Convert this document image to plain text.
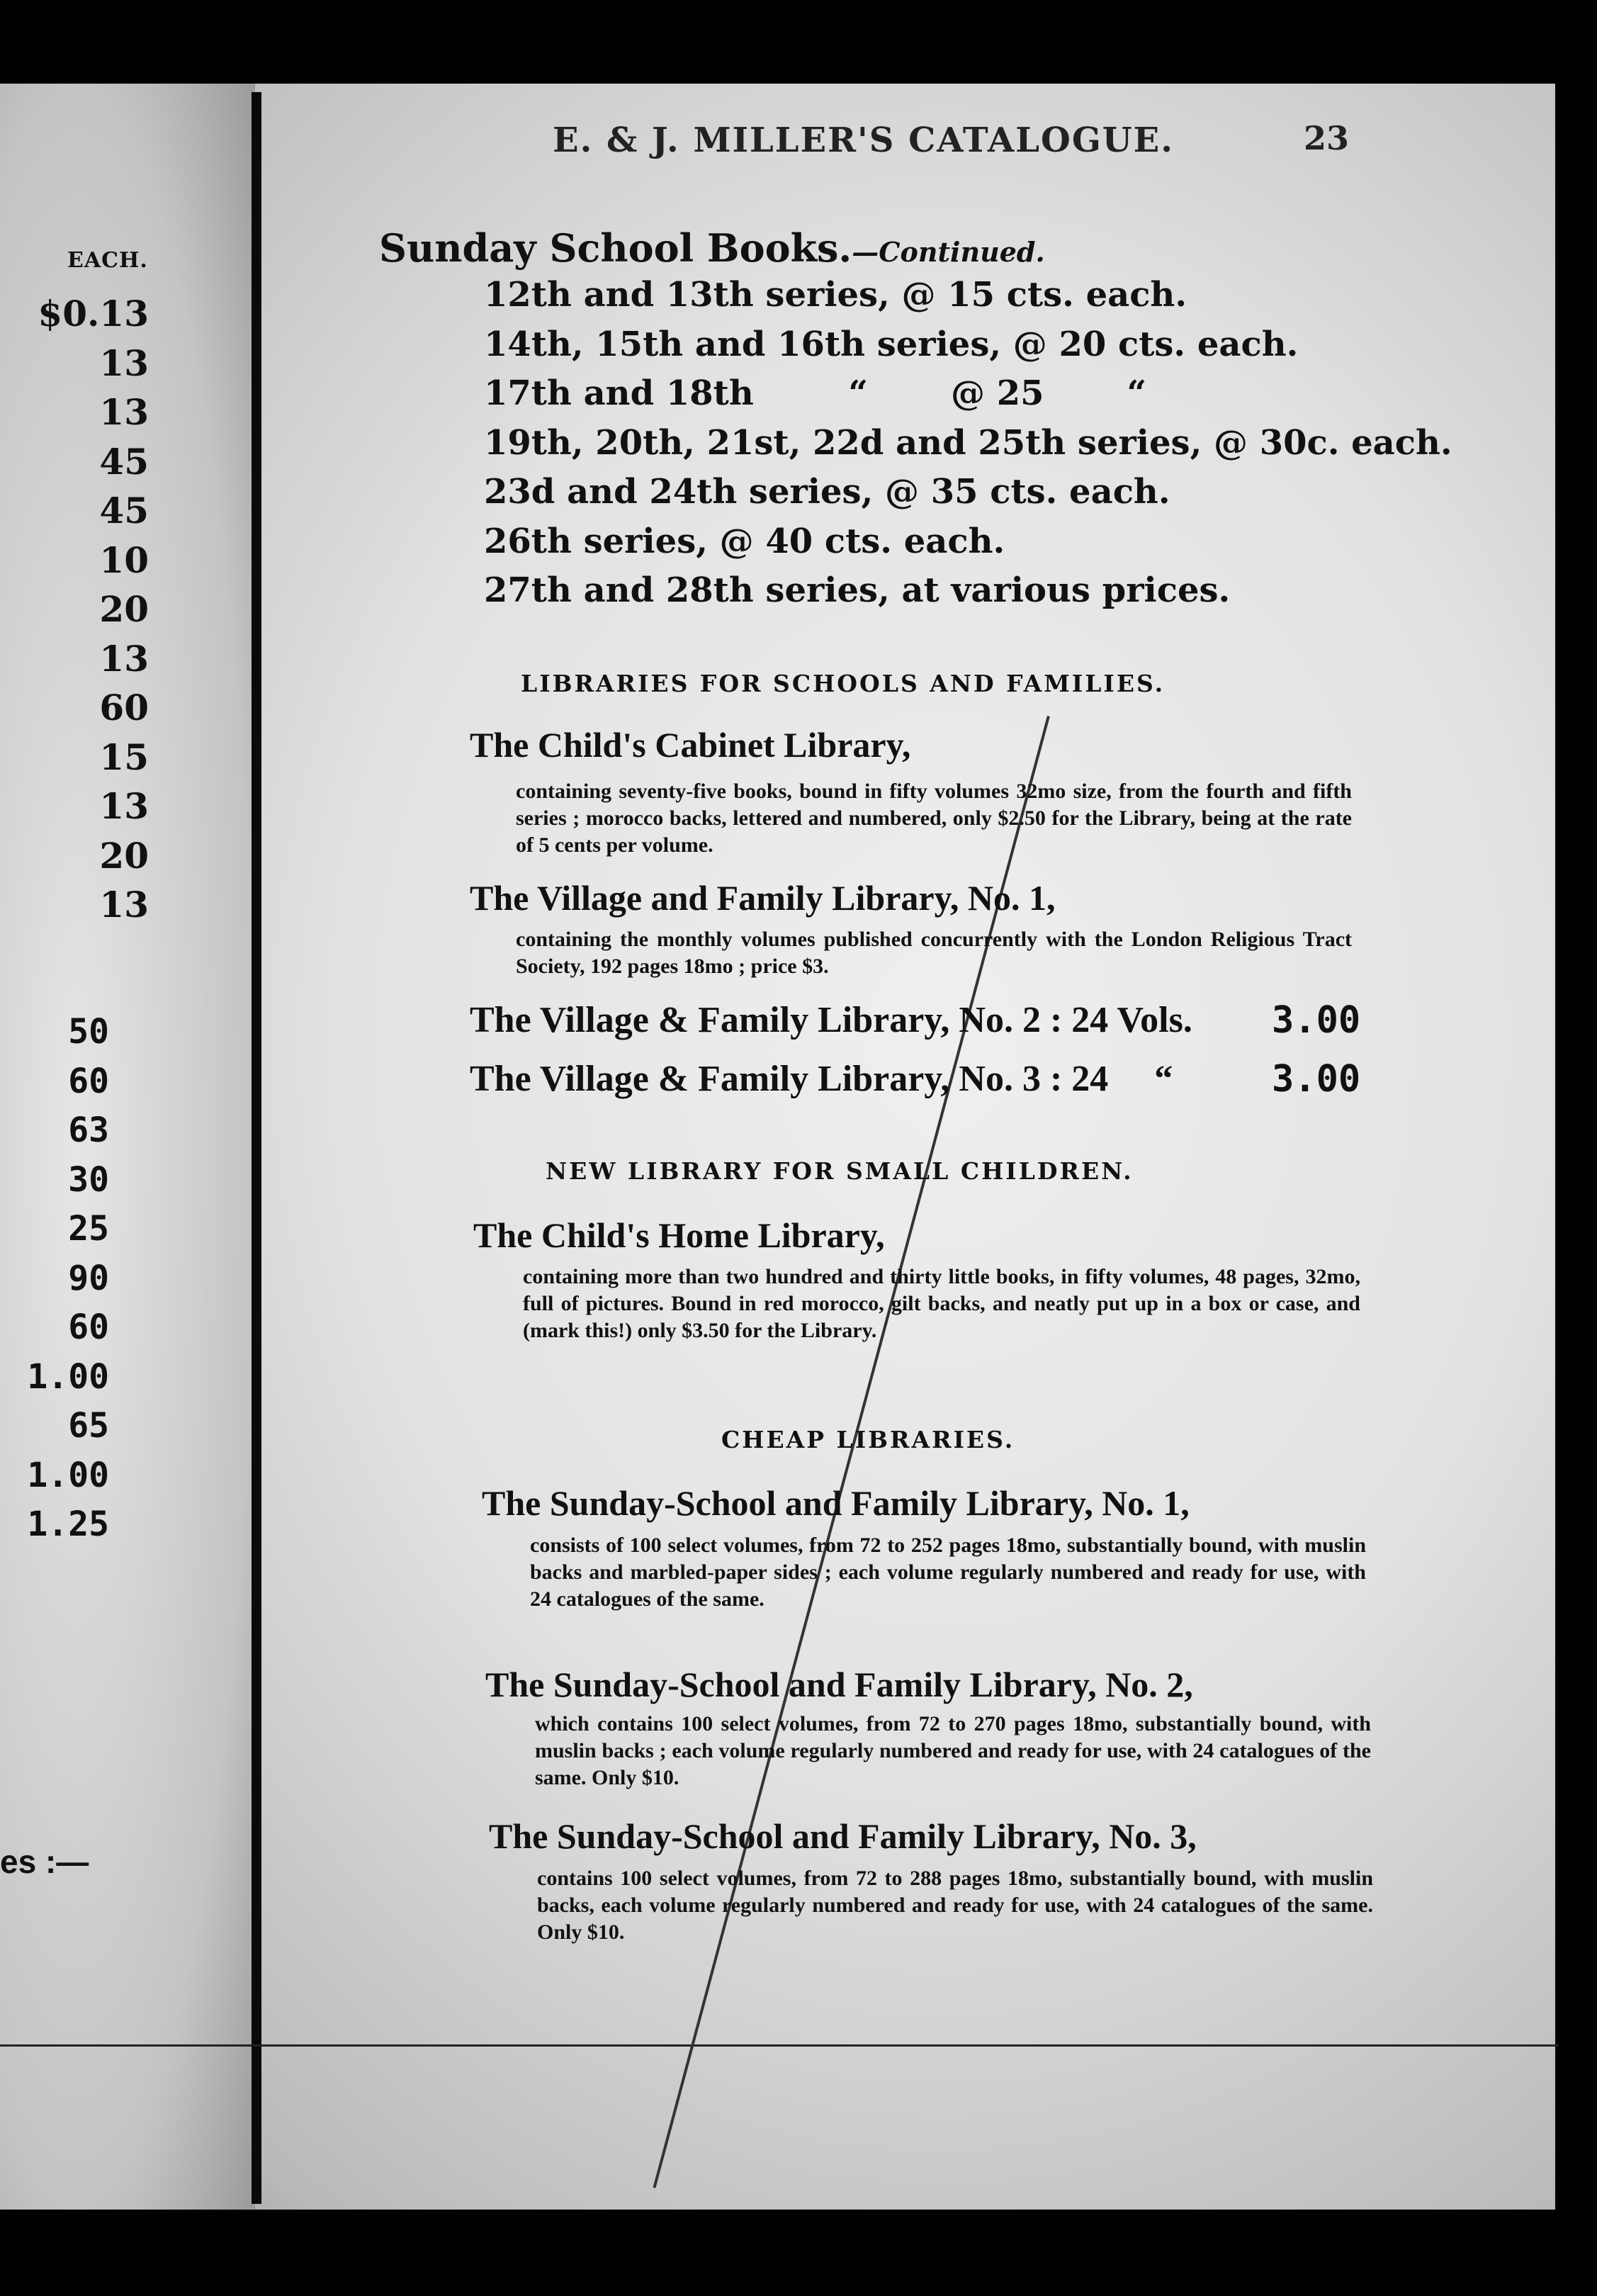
EACH.
$0.13
13
13
45
45
10
20
13
60
15
13
20
13
50
60
63
30
25
90
60
1.00
65
1.00
1.25
es :—
E. & J. MILLER'S CATALOGUE.	23
Sunday School Books.—Continued.
12th and 13th series, @ 15 cts. each.
14th, 15th and 16th series, @ 20 cts. each.
17th and 18th        “       @ 25       “
19th, 20th, 21st, 22d and 25th series, @ 30c. each.
23d and 24th series, @ 35 cts. each.
26th series, @ 40 cts. each.
27th and 28th series, at various prices.
LIBRARIES FOR SCHOOLS AND FAMILIES.
The Child's Cabinet Library,
containing seventy-five books, bound in fifty volumes 32mo size, from the fourth and fifth series ; morocco backs, lettered and numbered, only $2.50 for the Library, being at the rate of 5 cents per volume.
The Village and Family Library, No. 1,
containing the monthly volumes published concurrently with the London Religious Tract Society, 192 pages 18mo ; price $3.
The Village & Family Library, No. 2 : 24 Vols. 3.00
The Village & Family Library, No. 3 : 24     “	3.00
NEW LIBRARY FOR SMALL CHILDREN.
The Child's Home Library,
containing more than two hundred and thirty little books, in fifty volumes, 48 pages, 32mo, full of pictures. Bound in red morocco, gilt backs, and neatly put up in a box or case, and (mark this!) only $3.50 for the Library.
CHEAP LIBRARIES.
The Sunday-School and Family Library, No. 1,
consists of 100 select volumes, from 72 to 252 pages 18mo, substantially bound, with muslin backs and marbled-paper sides ; each volume regularly numbered and ready for use, with 24 catalogues of the same.
The Sunday-School and Family Library, No. 2,
which contains 100 select volumes, from 72 to 270 pages 18mo, substantially bound, with muslin backs ; each volume regularly numbered and ready for use, with 24 catalogues of the same. Only $10.
The Sunday-School and Family Library, No. 3,
contains 100 select volumes, from 72 to 288 pages 18mo, substantially bound, with muslin backs, each volume regularly numbered and ready for use, with 24 catalogues of the same. Only $10.
